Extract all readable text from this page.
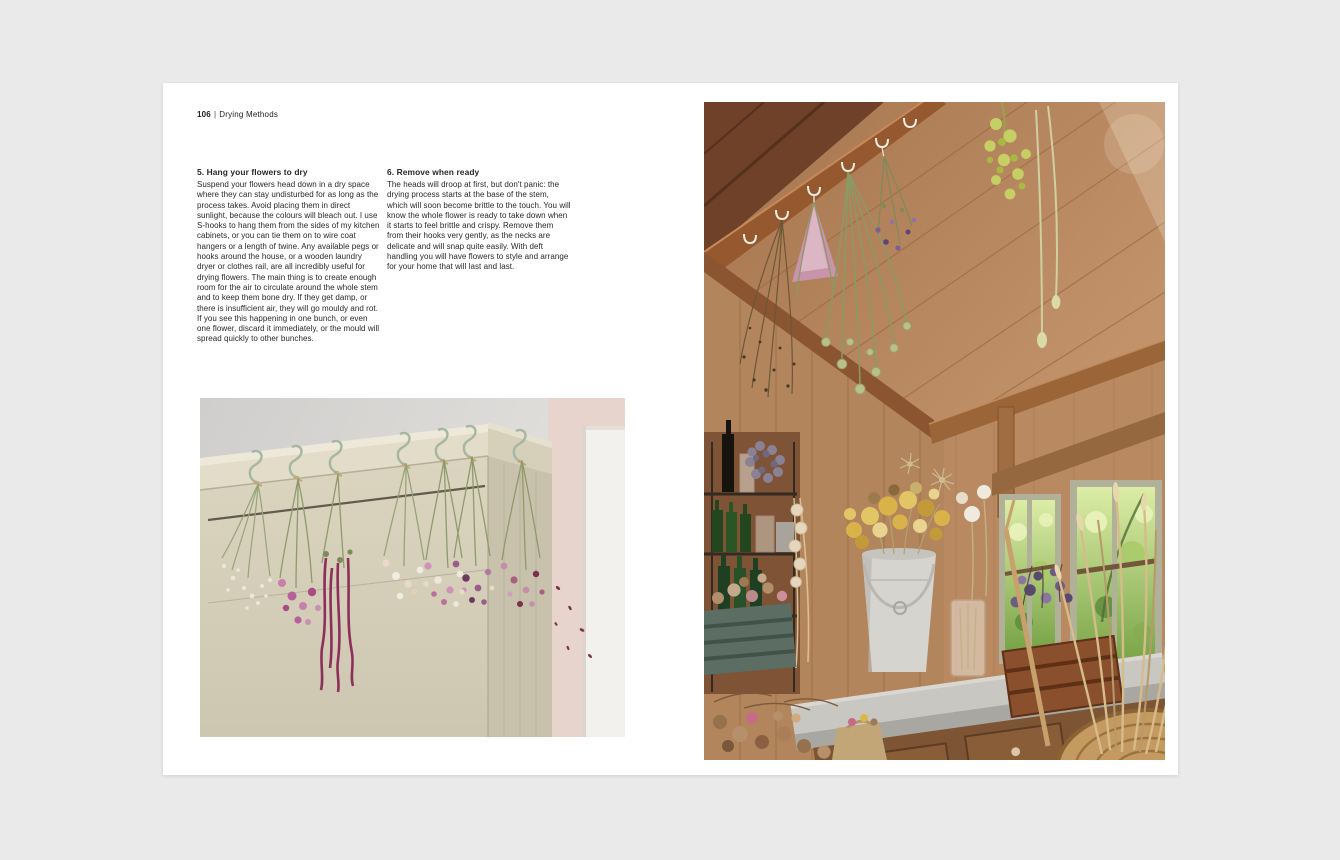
106 | Drying Methods
5. Hang your flowers to dry

Suspend your flowers head down in a dry space where they can stay undisturbed for as long as the process takes. Avoid placing them in direct sunlight, because the colours will bleach out. I use S-hooks to hang them from the sides of my kitchen cabinets, or you can tie them on to wire coat hangers or a length of twine. Any available pegs or hooks around the house, or a wooden laundry dryer or clothes rail, are all incredibly useful for drying flowers. The main thing is to create enough room for the air to circulate around the whole stem and to keep them bone dry. If they get damp, or there is insufficient air, they will go mouldy and rot. If you see this happening in one bunch, or even one flower, discard it immediately, or the mould will spread quickly to other bunches.

6. Remove when ready

The heads will droop at first, but don't panic: the drying process starts at the base of the stem, which will soon become brittle to the touch. You will know the whole flower is ready to take down when it starts to feel brittle and crispy. Remove them from their hooks very gently, as the necks are delicate and will snap quite easily. With deft handling you will have flowers to style and arrange for your home that will last and last.
